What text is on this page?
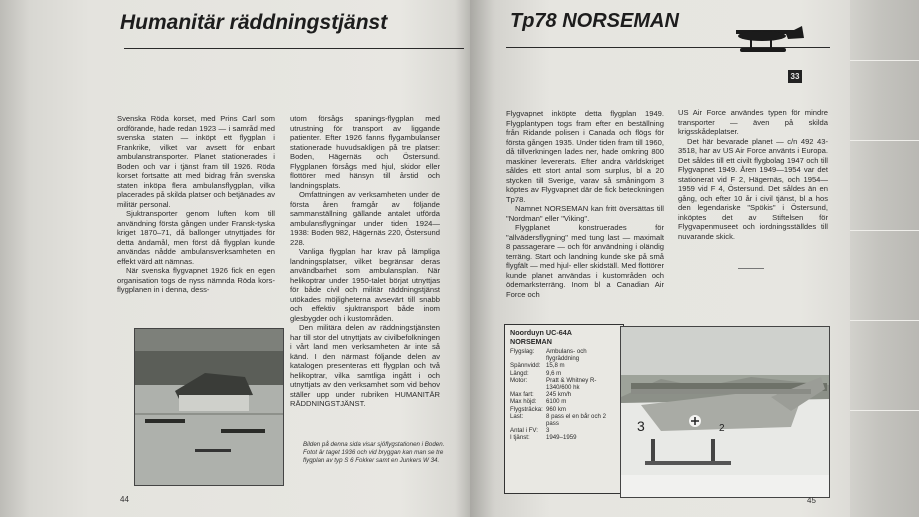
Humanitär räddningstjänst

Svenska Röda korset, med Prins Carl som ordförande, hade redan 1923 — i samråd med svenska staten — inköpt ett flygplan i Frankrike, vilket var avsett för enbart ambulanstransporter. Planet stationerades i Boden och var i tjänst fram till 1926. Röda korset fortsatte att med bidrag från svenska staten inköpa flera ambulansflygplan, vilka placerades på skilda platser och betjänades av militär personal.

Sjuktransporter genom luften kom till användning första gången under Fransk-tyska kriget 1870–71, då ballonger utnyttjades för detta ändamål, men först då flygplan kunde användas nådde ambulansverksamheten en effekt värd att nämnas.

När svenska flygvapnet 1926 fick en egen organisation togs de nyss nämnda Röda kors-flygplanen in i denna, dess-

utom försågs spanings-flygplan med utrustning för transport av liggande patienter. Efter 1926 fanns flygambulanser stationerade huvudsakligen på tre platser: Boden, Hägernäs och Östersund. Flygplanen försågs med hjul, skidor eller flottörer med hänsyn till årstid och landningsplats.

Omfattningen av verksamheten under de första åren framgår av följande sammanställning gällande antalet utförda ambulansflygningar under tiden 1924—1938: Boden 982, Hägernäs 220, Östersund 228.

Vanliga flygplan har krav på lämpliga landningsplatser, vilket begränsar deras användbarhet som ambulansplan. När helikoptrar under 1950-talet börjat utnyttjas för både civil och militär räddningstjänst utökades möjligheterna avsevärt till snabb och effektiv sjuktransport både inom glesbygder och i kustområden.

Den militära delen av räddningstjänsten har till stor del utnyttjats av civilbefolkningen i vårt land men verksamheten är inte så känd. I den närmast följande delen av katalogen presenteras ett flygplan och två helikoptrar, vilka samtliga ingått i och utnyttjats av den verksamhet som vid behov ställer upp under rubriken HUMANITÄR RÄDDNINGSTJÄNST.

Bilden på denna sida visar sjöflygstationen i Boden. Fotot är taget 1936 och vid bryggan kan man se tre flygplan av typ S 6 Fokker samt en Junkers W 34.
44
Tp78 NORSEMAN
33

Flygvapnet inköpte detta flygplan 1949. Flygplantypen togs fram efter en beställning från Ridande polisen i Canada och flögs för första gången 1935. Under tiden fram till 1960, då tillverkningen lades ner, hade omkring 800 maskiner levererats. Efter andra världskriget såldes ett stort antal som surplus, bl a 20 stycken till Sverige, varav så småningom 3 köptes av Flygvapnet där de fick beteckningen Tp78.

Namnet NORSEMAN kan fritt översättas till "Nordman" eller "Viking".

Flygplanet konstruerades för "allvädersflygning" med tung last — maximalt 8 passagerare — och för användning i oländig terräng. Start och landning kunde ske på små flygfält — med hjul- eller skidställ. Med flottörer kunde planet användas i kustområden och ödemarksterräng. Inom bl a Canadian Air Force och

US Air Force användes typen för mindre transporter — även på skilda krigsskådeplatser.

Det här bevarade planet — c/n 492 43-3518, har av US Air Force använts i Europa. Det såldes till ett civilt flygbolag 1947 och till Flygvapnet 1949. Åren 1949—1954 var det stationerat vid F 2, Hägernäs, och 1954—1959 vid F 4, Östersund. Det såldes än en gång, och efter 10 år i civil tjänst, bl a hos den legendariske "Spökis" i Östersund, inköptes det av Stiftelsen för Flygvapenmuseet och iordningsställdes till nuvarande skick.

Noorduyn UC-64A
NORSEMAN
Flygslag:	Ambulans- och flygräddning
Spännvidd: 15,8 m
Längd:	9,6 m
Motor:	Pratt & Whitney R-1340/600 hk
Max fart:	245 km/h
Max höjd:	6100 m
Flygsträcka: 960 km
Last:	8 pass el en bår och 2 pass
Antal i FV:	3
I tjänst:	1949–1959
3	2
45
